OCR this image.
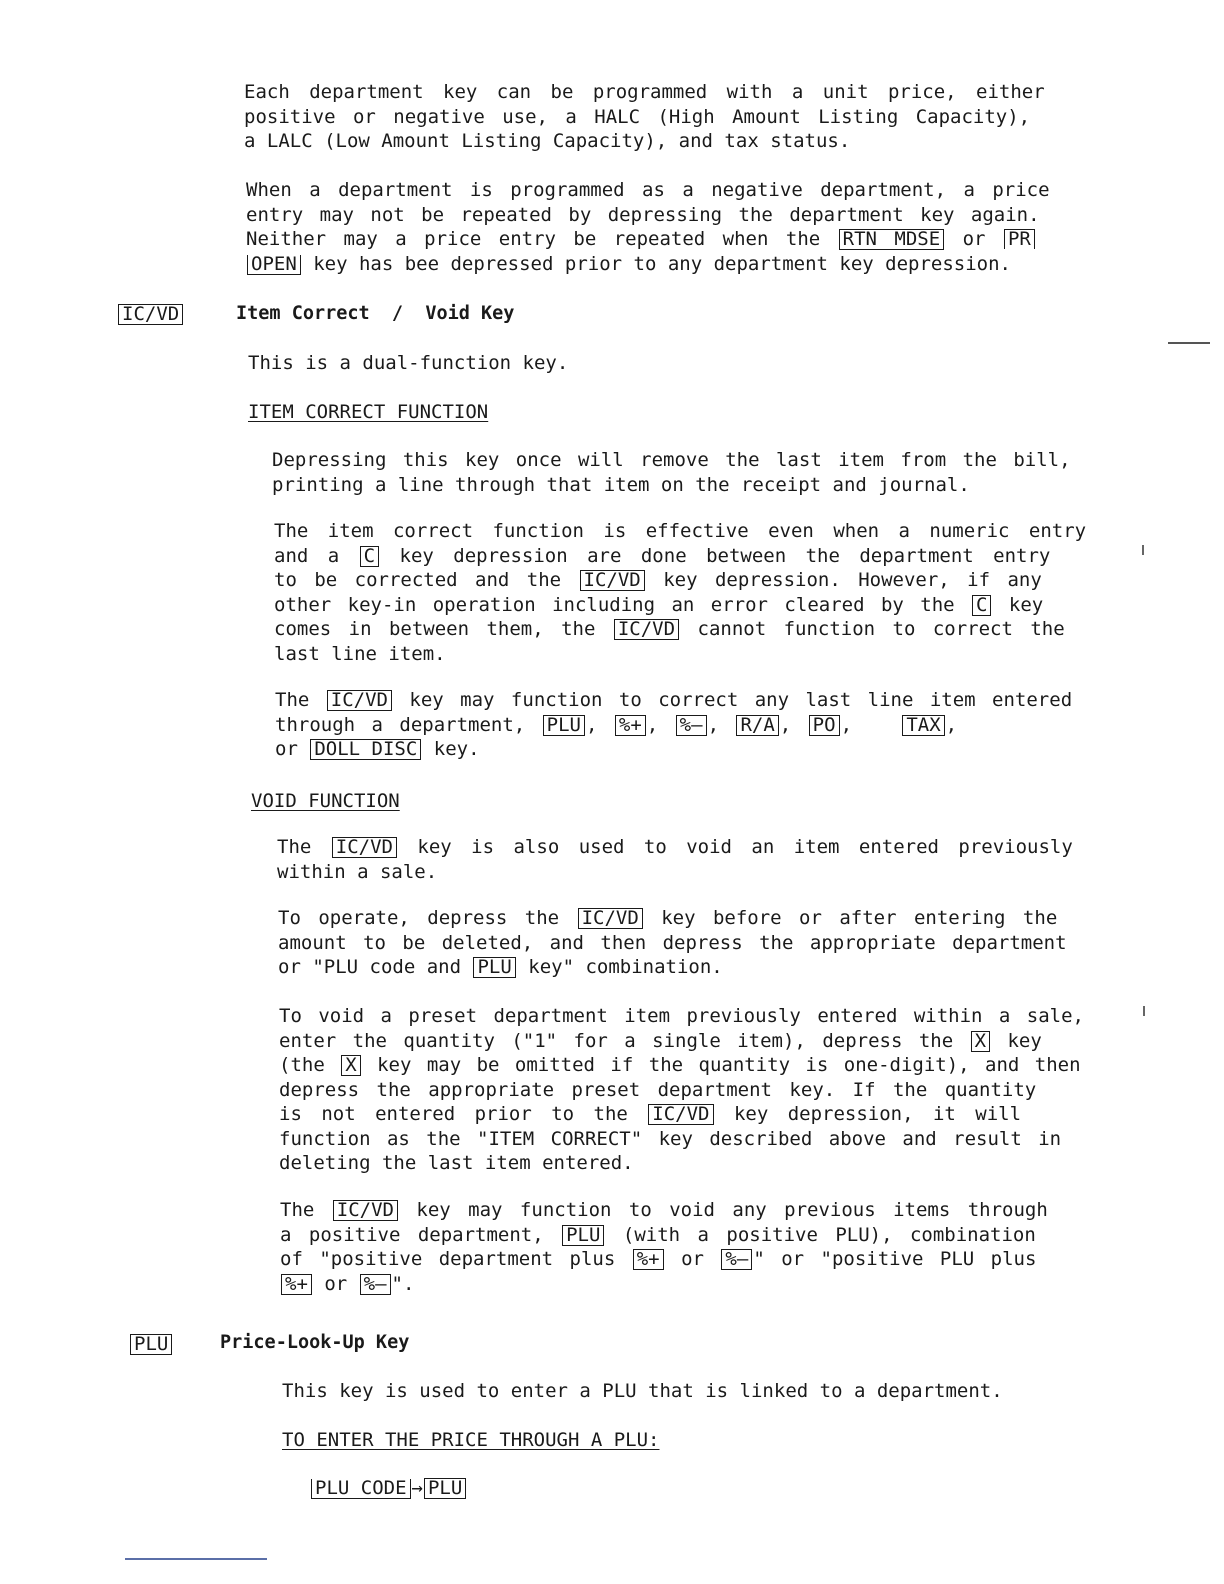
Each department key can be programmed with a unit price, either
positive or negative use, a HALC (High Amount Listing Capacity),
a LALC (Low Amount Listing Capacity), and tax status.
When a department is programmed as a negative department, a price
entry may not be repeated by depressing the department key again.
Neither may a price entry be repeated when the RTN MDSE or PR
OPEN key has bee depressed prior to any department key depression.
IC/VD	Item Correct  /  Void Key
This is a dual-function key.
ITEM CORRECT FUNCTION
Depressing this key once will remove the last item from the bill,
printing a line through that item on the receipt and journal.
The item correct function is effective even when a numeric entry
and a C key depression are done between the department entry
to be corrected and the IC/VD key depression. However, if any
other key-in operation including an error cleared by the C key
comes in between them, the IC/VD cannot function to correct the
last line item.
The IC/VD key may function to correct any last line item entered
through a department, PLU , %+ , %– , R/A , PO ,   TAX ,
or DOLL DISC key.
VOID FUNCTION
The IC/VD key is also used to void an item entered previously
within a sale.
To operate, depress the IC/VD key before or after entering the
amount to be deleted, and then depress the appropriate department
or "PLU code and PLU key" combination.
To void a preset department item previously entered within a sale,
enter the quantity ("1" for a single item), depress the X key
(the X key may be omitted if the quantity is one-digit), and then
depress the appropriate preset department key. If the quantity
is not entered prior to the IC/VD key depression, it will
function as the "ITEM CORRECT" key described above and result in
deleting the last item entered.
The IC/VD key may function to void any previous items through
a positive department, PLU (with a positive PLU), combination
of "positive department plus %+ or %– " or "positive PLU plus
%+ or %– ".
PLU	Price-Look-Up Key
This key is used to enter a PLU that is linked to a department.
TO ENTER THE PRICE THROUGH A PLU:
PLU CODE → PLU
